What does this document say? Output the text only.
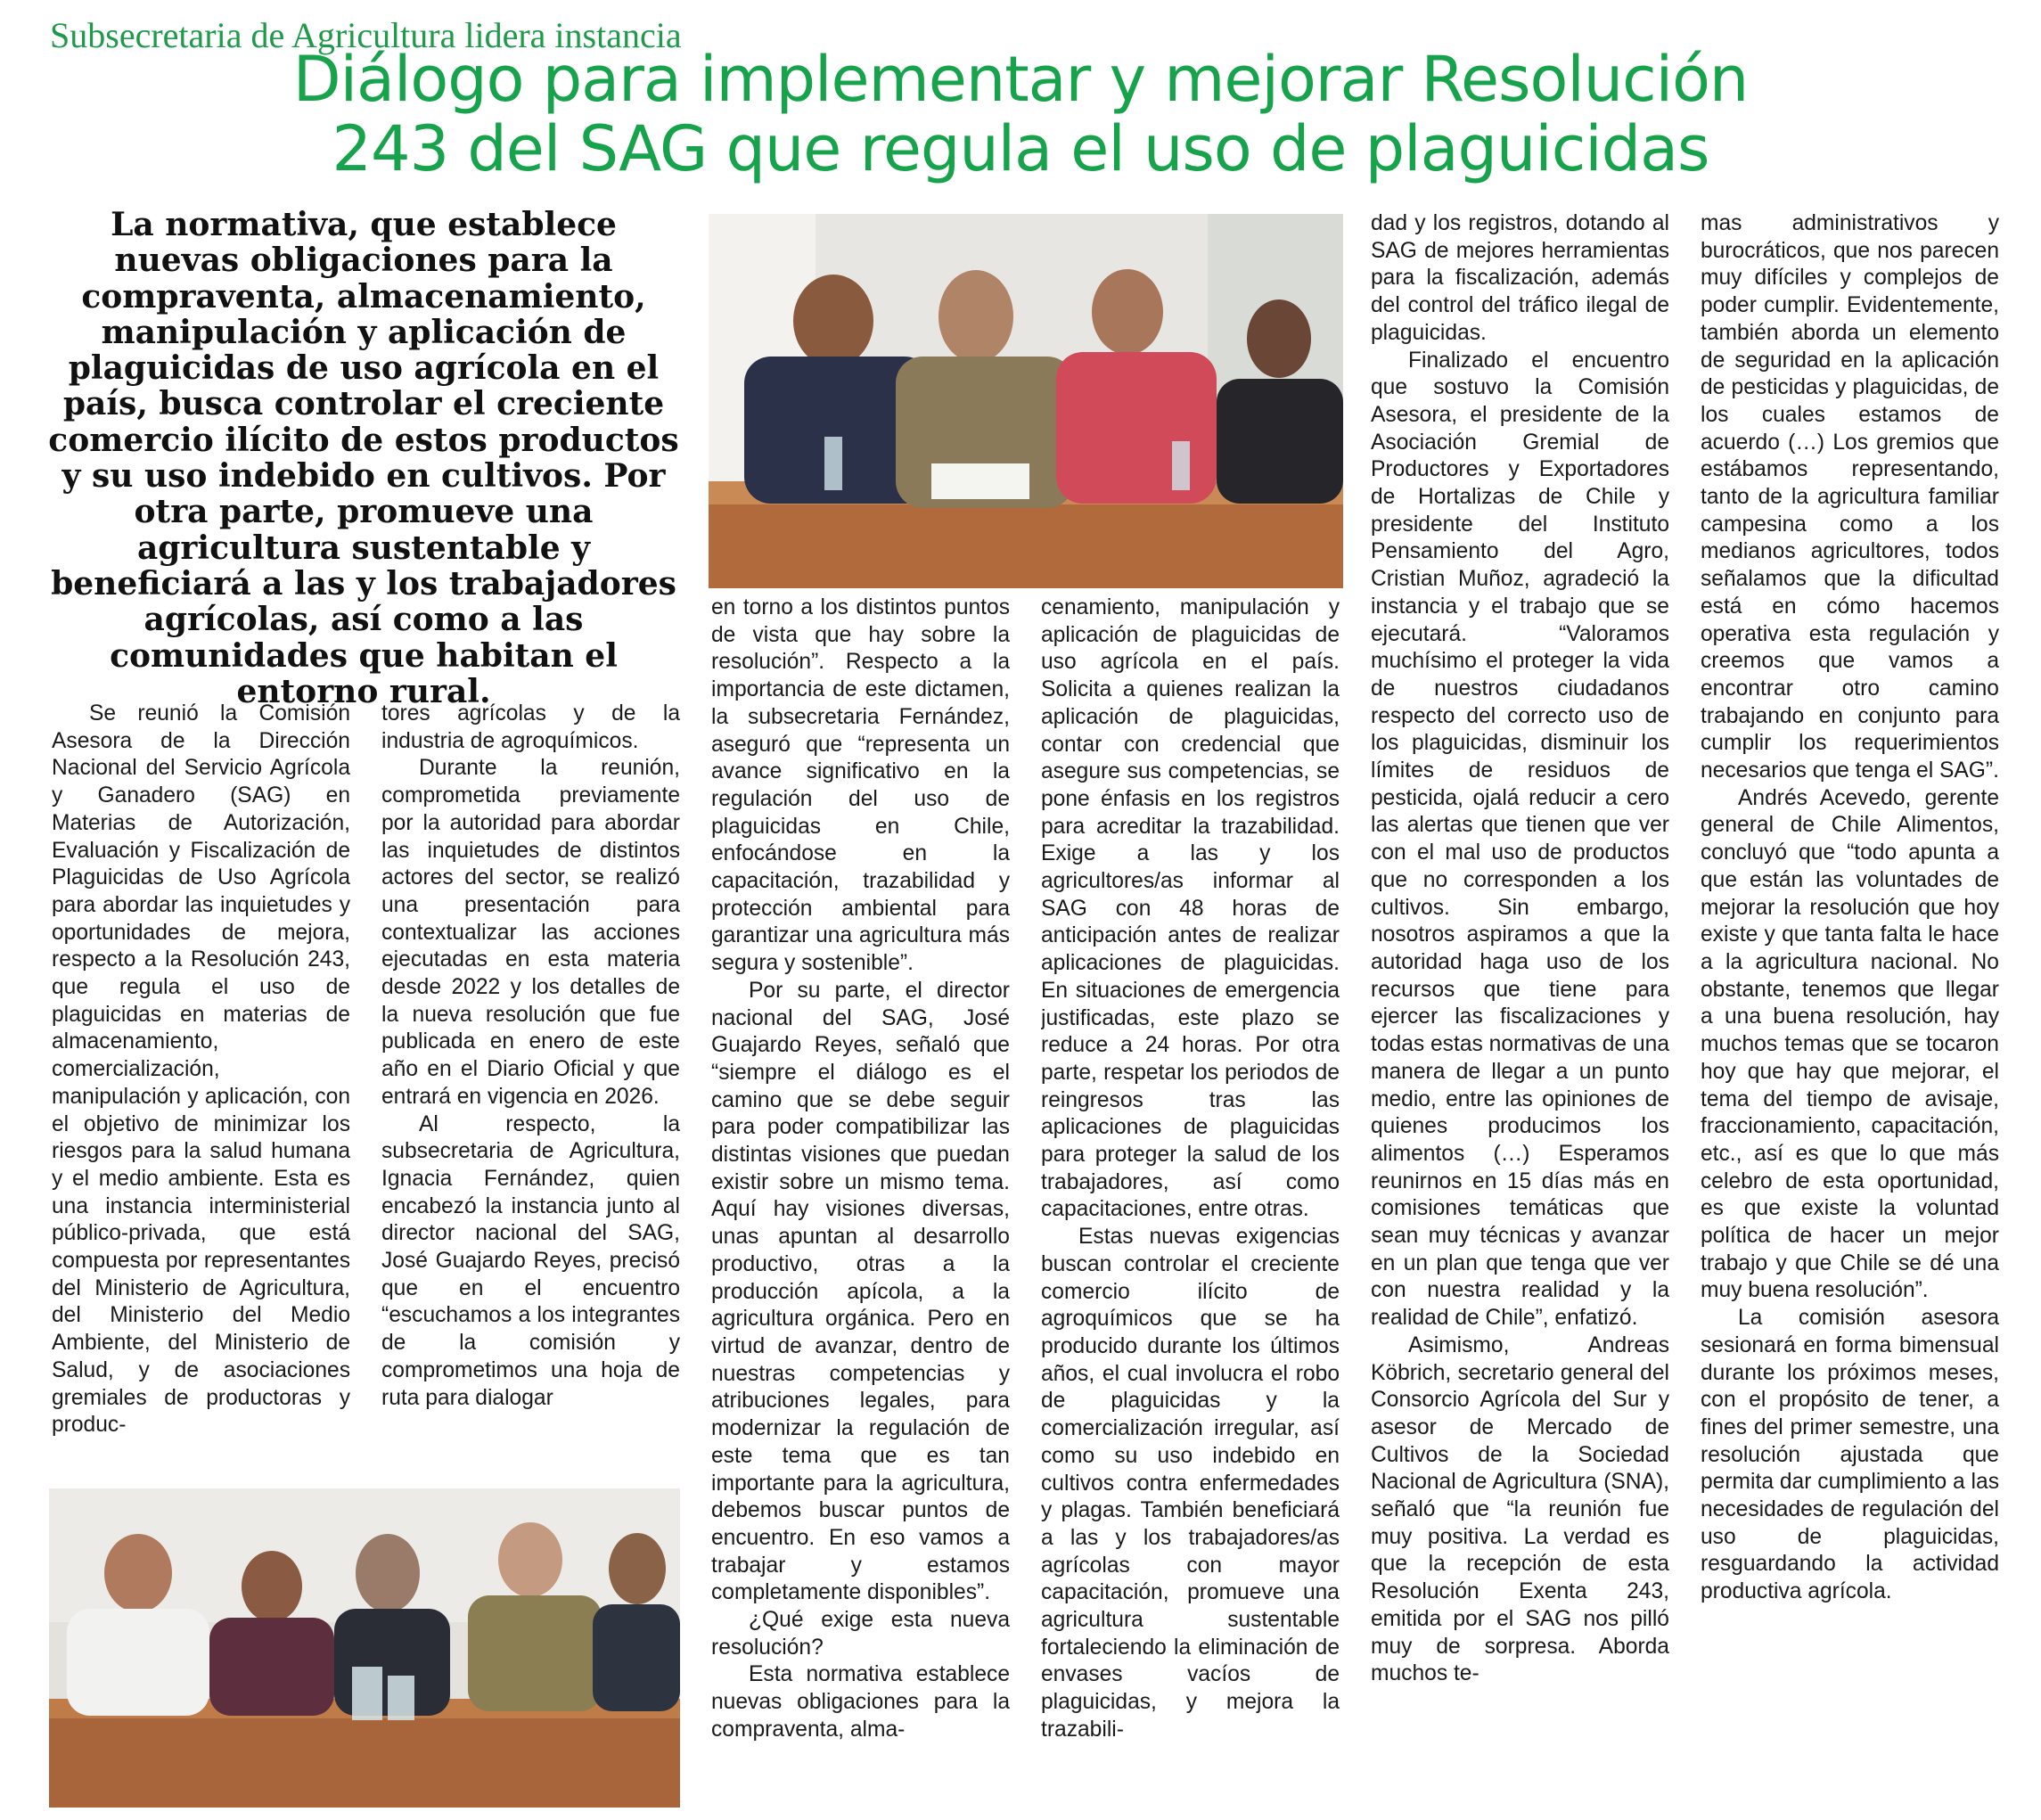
Subsecretaria de Agricultura lidera instancia
Diálogo para implementar y mejorar Resolución
243 del SAG que regula el uso de plaguicidas
La normativa, que establece nuevas obligaciones para la compraventa, almacenamiento, manipulación y aplicación de plaguicidas de uso agrícola en el país, busca controlar el creciente comercio ilícito de estos productos y su uso indebido en cultivos. Por otra parte, promueve una agricultura sustentable y beneficiará a las y los trabajadores agrícolas, así como a las comunidades que habitan el entorno rural.

Se reunió la Comisión Asesora de la Dirección Nacional del Servicio Agrícola y Ganadero (SAG) en Materias de Autorización, Evaluación y Fiscalización de Plaguicidas de Uso Agrícola para abordar las inquietudes y oportunidades de mejora, respecto a la Resolución 243, que regula el uso de plaguicidas en materias de almacenamiento, comercialización, manipulación y aplicación, con el objetivo de minimizar los riesgos para la salud humana y el medio ambiente. Esta es una instancia interministerial público-privada, que está compuesta por representantes del Ministerio de Agricultura, del Ministerio del Medio Ambiente, del Ministerio de Salud, y de asociaciones gremiales de productoras y produc-

tores agrícolas y de la industria de agroquímicos.

Durante la reunión, comprometida previamente por la autoridad para abordar las inquietudes de distintos actores del sector, se realizó una presentación para contextualizar las acciones ejecutadas en esta materia desde 2022 y los detalles de la nueva resolución que fue publicada en enero de este año en el Diario Oficial y que entrará en vigencia en 2026.

Al respecto, la subsecretaria de Agricultura, Ignacia Fernández, quien encabezó la instancia junto al director nacional del SAG, José Guajardo Reyes, precisó que en el encuentro “escuchamos a los integrantes de la comisión y comprometimos una hoja de ruta para dialogar

en torno a los distintos puntos de vista que hay sobre la resolución”. Respecto a la importancia de este dictamen, la subsecretaria Fernández, aseguró que “representa un avance significativo en la regulación del uso de plaguicidas en Chile, enfocándose en la capacitación, trazabilidad y protección ambiental para garantizar una agricultura más segura y sostenible”.

Por su parte, el director nacional del SAG, José Guajardo Reyes, señaló que “siempre el diálogo es el camino que se debe seguir para poder compatibilizar las distintas visiones que puedan existir sobre un mismo tema. Aquí hay visiones diversas, unas apuntan al desarrollo productivo, otras a la producción apícola, a la agricultura orgánica. Pero en virtud de avanzar, dentro de nuestras competencias y atribuciones legales, para modernizar la regulación de este tema que es tan importante para la agricultura, debemos buscar puntos de encuentro. En eso vamos a trabajar y estamos completamente disponibles”.

¿Qué exige esta nueva resolución?

Esta normativa establece nuevas obligaciones para la compraventa, alma-

cenamiento, manipulación y aplicación de plaguicidas de uso agrícola en el país. Solicita a quienes realizan la aplicación de plaguicidas, contar con credencial que asegure sus competencias, se pone énfasis en los registros para acreditar la trazabilidad. Exige a las y los agricultores/as informar al SAG con 48 horas de anticipación antes de realizar aplicaciones de plaguicidas. En situaciones de emergencia justificadas, este plazo se reduce a 24 horas. Por otra parte, respetar los periodos de reingresos tras las aplicaciones de plaguicidas para proteger la salud de los trabajadores, así como capacitaciones, entre otras.

Estas nuevas exigencias buscan controlar el creciente comercio ilícito de agroquímicos que se ha producido durante los últimos años, el cual involucra el robo de plaguicidas y la comercialización irregular, así como su uso indebido en cultivos contra enfermedades y plagas. También beneficiará a las y los trabajadores/as agrícolas con mayor capacitación, promueve una agricultura sustentable fortaleciendo la eliminación de envases vacíos de plaguicidas, y mejora la trazabili-

dad y los registros, dotando al SAG de mejores herramientas para la fiscalización, además del control del tráfico ilegal de plaguicidas.

Finalizado el encuentro que sostuvo la Comisión Asesora, el presidente de la Asociación Gremial de Productores y Exportadores de Hortalizas de Chile y presidente del Instituto Pensamiento del Agro, Cristian Muñoz, agradeció la instancia y el trabajo que se ejecutará. “Valoramos muchísimo el proteger la vida de nuestros ciudadanos respecto del correcto uso de los plaguicidas, disminuir los límites de residuos de pesticida, ojalá reducir a cero las alertas que tienen que ver con el mal uso de productos que no corresponden a los cultivos. Sin embargo, nosotros aspiramos a que la autoridad haga uso de los recursos que tiene para ejercer las fiscalizaciones y todas estas normativas de una manera de llegar a un punto medio, entre las opiniones de quienes producimos los alimentos (…) Esperamos reunirnos en 15 días más en comisiones temáticas que sean muy técnicas y avanzar en un plan que tenga que ver con nuestra realidad y la realidad de Chile”, enfatizó.

Asimismo, Andreas Köbrich, secretario general del Consorcio Agrícola del Sur y asesor de Mercado de Cultivos de la Sociedad Nacional de Agricultura (SNA), señaló que “la reunión fue muy positiva. La verdad es que la recepción de esta Resolución Exenta 243, emitida por el SAG nos pilló muy de sorpresa. Aborda muchos te-

mas administrativos y burocráticos, que nos parecen muy difíciles y complejos de poder cumplir. Evidentemente, también aborda un elemento de seguridad en la aplicación de pesticidas y plaguicidas, de los cuales estamos de acuerdo (…) Los gremios que estábamos representando, tanto de la agricultura familiar campesina como a los medianos agricultores, todos señalamos que la dificultad está en cómo hacemos operativa esta regulación y creemos que vamos a encontrar otro camino trabajando en conjunto para cumplir los requerimientos necesarios que tenga el SAG”.

Andrés Acevedo, gerente general de Chile Alimentos, concluyó que “todo apunta a que están las voluntades de mejorar la resolución que hoy existe y que tanta falta le hace a la agricultura nacional. No obstante, tenemos que llegar a una buena resolución, hay muchos temas que se tocaron hoy que hay que mejorar, el tema del tiempo de avisaje, fraccionamiento, capacitación, etc., así es que lo que más celebro de esta oportunidad, es que existe la voluntad política de hacer un mejor trabajo y que Chile se dé una muy buena resolución”.

La comisión asesora sesionará en forma bimensual durante los próximos meses, con el propósito de tener, a fines del primer semestre, una resolución ajustada que permita dar cumplimiento a las necesidades de regulación del uso de plaguicidas, resguardando la actividad productiva agrícola.
